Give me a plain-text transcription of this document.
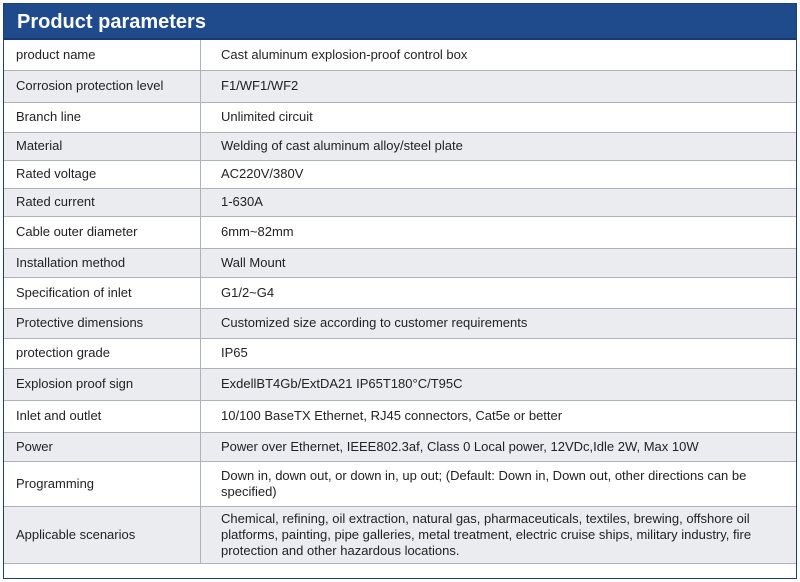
Product parameters
product name	Cast aluminum explosion-proof control box
Corrosion protection level	F1/WF1/WF2
Branch line	Unlimited circuit
Material	Welding of cast aluminum alloy/steel plate
Rated voltage	AC220V/380V
Rated current	1-630A
Cable outer diameter	6mm~82mm
Installation method	Wall Mount
Specification of inlet	G1/2~G4
Protective dimensions	Customized size according to customer requirements
protection grade	IP65
Explosion proof sign	ExdellBT4Gb/ExtDA21 IP65T180°C/T95C
Inlet and outlet	10/100 BaseTX Ethernet, RJ45 connectors, Cat5e or better
Power	Power over Ethernet, IEEE802.3af, Class 0 Local power, 12VDc,Idle 2W, Max 10W
Programming	Down in, down out, or down in, up out; (Default: Down in, Down out, other directions can be specified)
Applicable scenarios	Chemical, refining, oil extraction, natural gas, pharmaceuticals, textiles, brewing, offshore oil platforms, painting, pipe galleries, metal treatment, electric cruise ships, military industry, fire protection and other hazardous locations.
